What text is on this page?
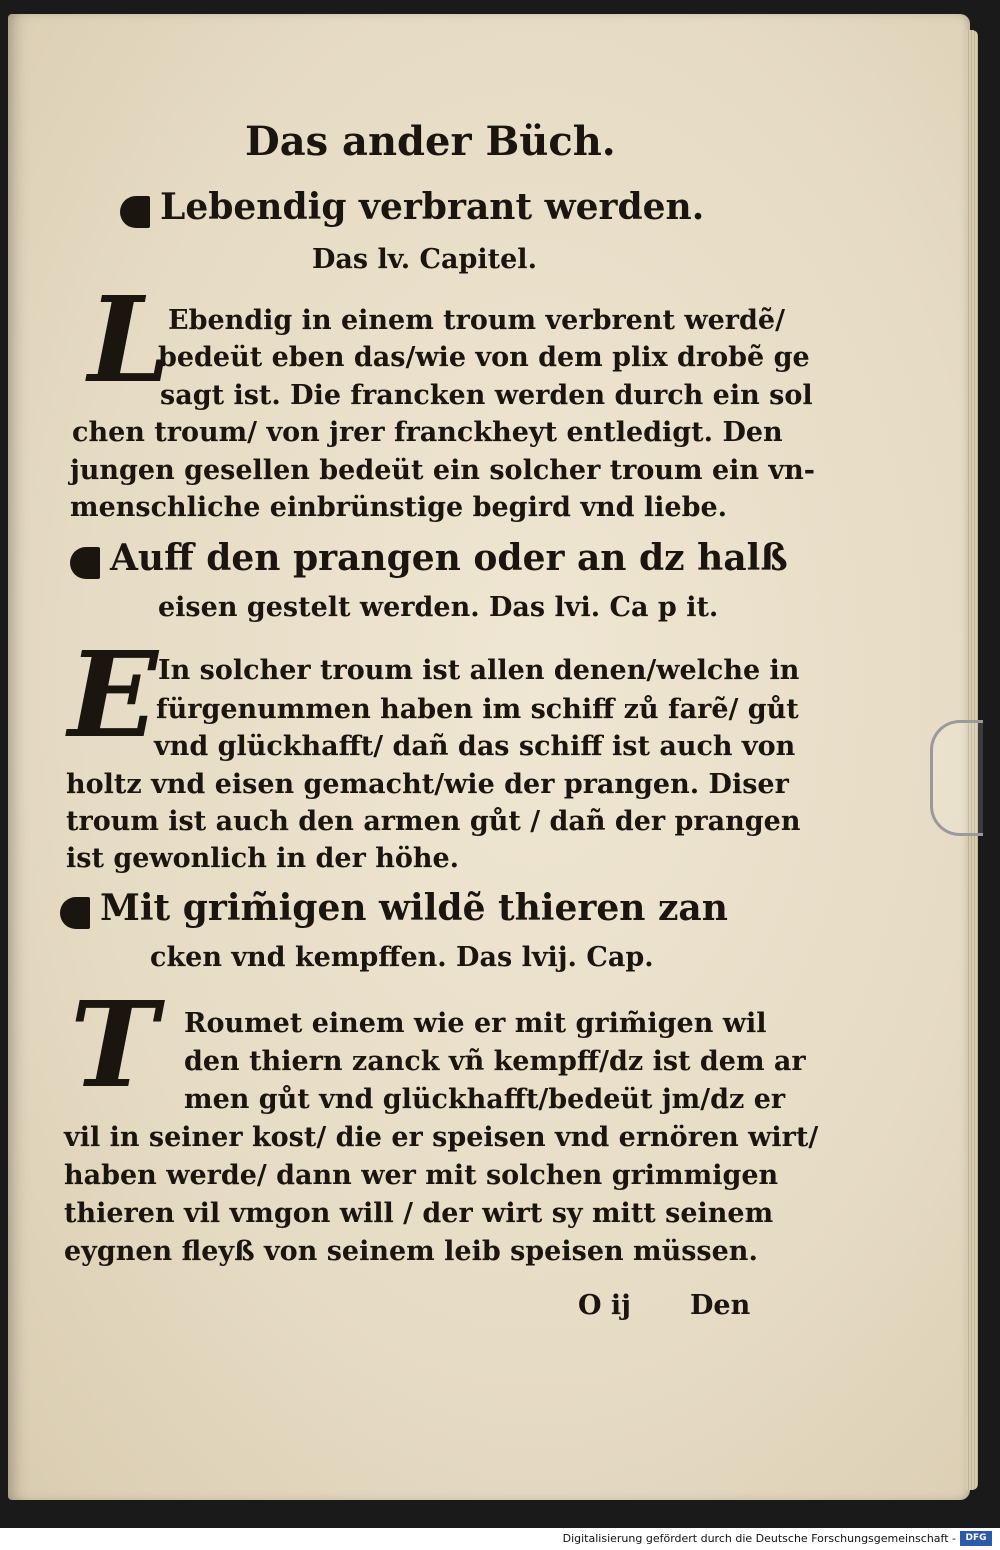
Das ander Büch.
Lebendig verbrant werden.
Das lv. Capitel.
L
Ebendig in einem troum verbrent werdẽ/
bedeüt eben das/wie von dem plix drobẽ ge
sagt ist. Die francken werden durch ein sol
chen troum/ von jrer franckheyt entledigt. Den
jungen gesellen bedeüt ein solcher troum ein vn-
menschliche einbrünstige begird vnd liebe.
Auff den prangen oder an dz halß
eisen gestelt werden. Das lvi. Ca p it.
E In solcher troum ist allen denen/welche in
fürgenummen haben im schiff zů farẽ/ gůt
vnd glückhafft/ dañ das schiff ist auch von
holtz vnd eisen gemacht/wie der prangen. Diser
troum ist auch den armen gůt / dañ der prangen
ist gewonlich in der höhe.
Mit grim̃igen wildẽ thieren zan
cken vnd kempffen. Das lvij. Cap.
T Roumet einem wie er mit grim̃igen wil
den thiern zanck vñ kempff/dz ist dem ar
men gůt vnd glückhafft/bedeüt jm/dz er
vil in seiner kost/ die er speisen vnd ernören wirt/
haben werde/ dann wer mit solchen grimmigen
thieren vil vmgon will / der wirt sy mitt seinem
eygnen fleyß von seinem leib speisen müssen.
O ij Den
Digitalisierung gefördert durch die Deutsche Forschungsgemeinschaft -	DFG
